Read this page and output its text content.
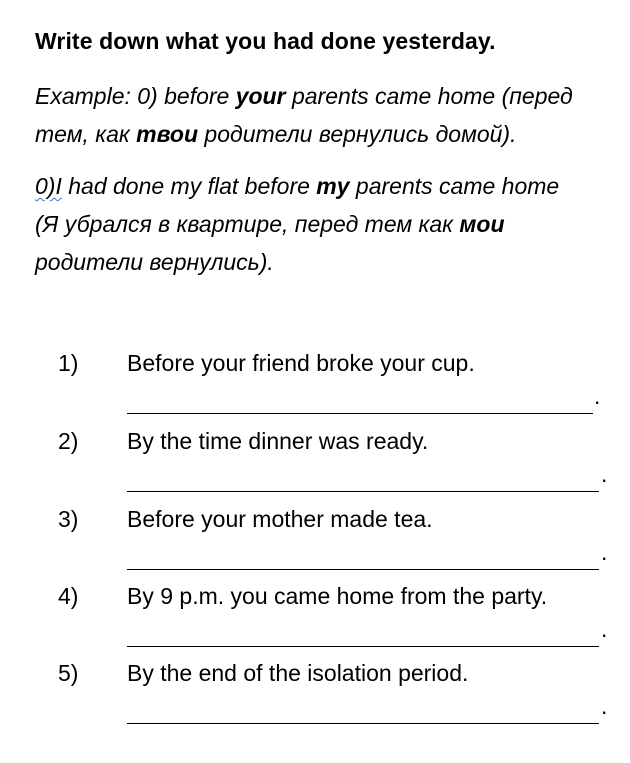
Write down what you had done yesterday.
Example: 0) before your parents came home (перед
тем, как твои родители вернулись домой).
0)I had done my flat before my parents came home
(Я убрался в квартире, перед тем как мои
родители вернулись).
1) Before your friend broke your cup.
.
2) By the time dinner was ready.
.
3) Before your mother made tea.
.
4) By 9 p.m. you came home from the party.
.
5) By the end of the isolation period.
.
